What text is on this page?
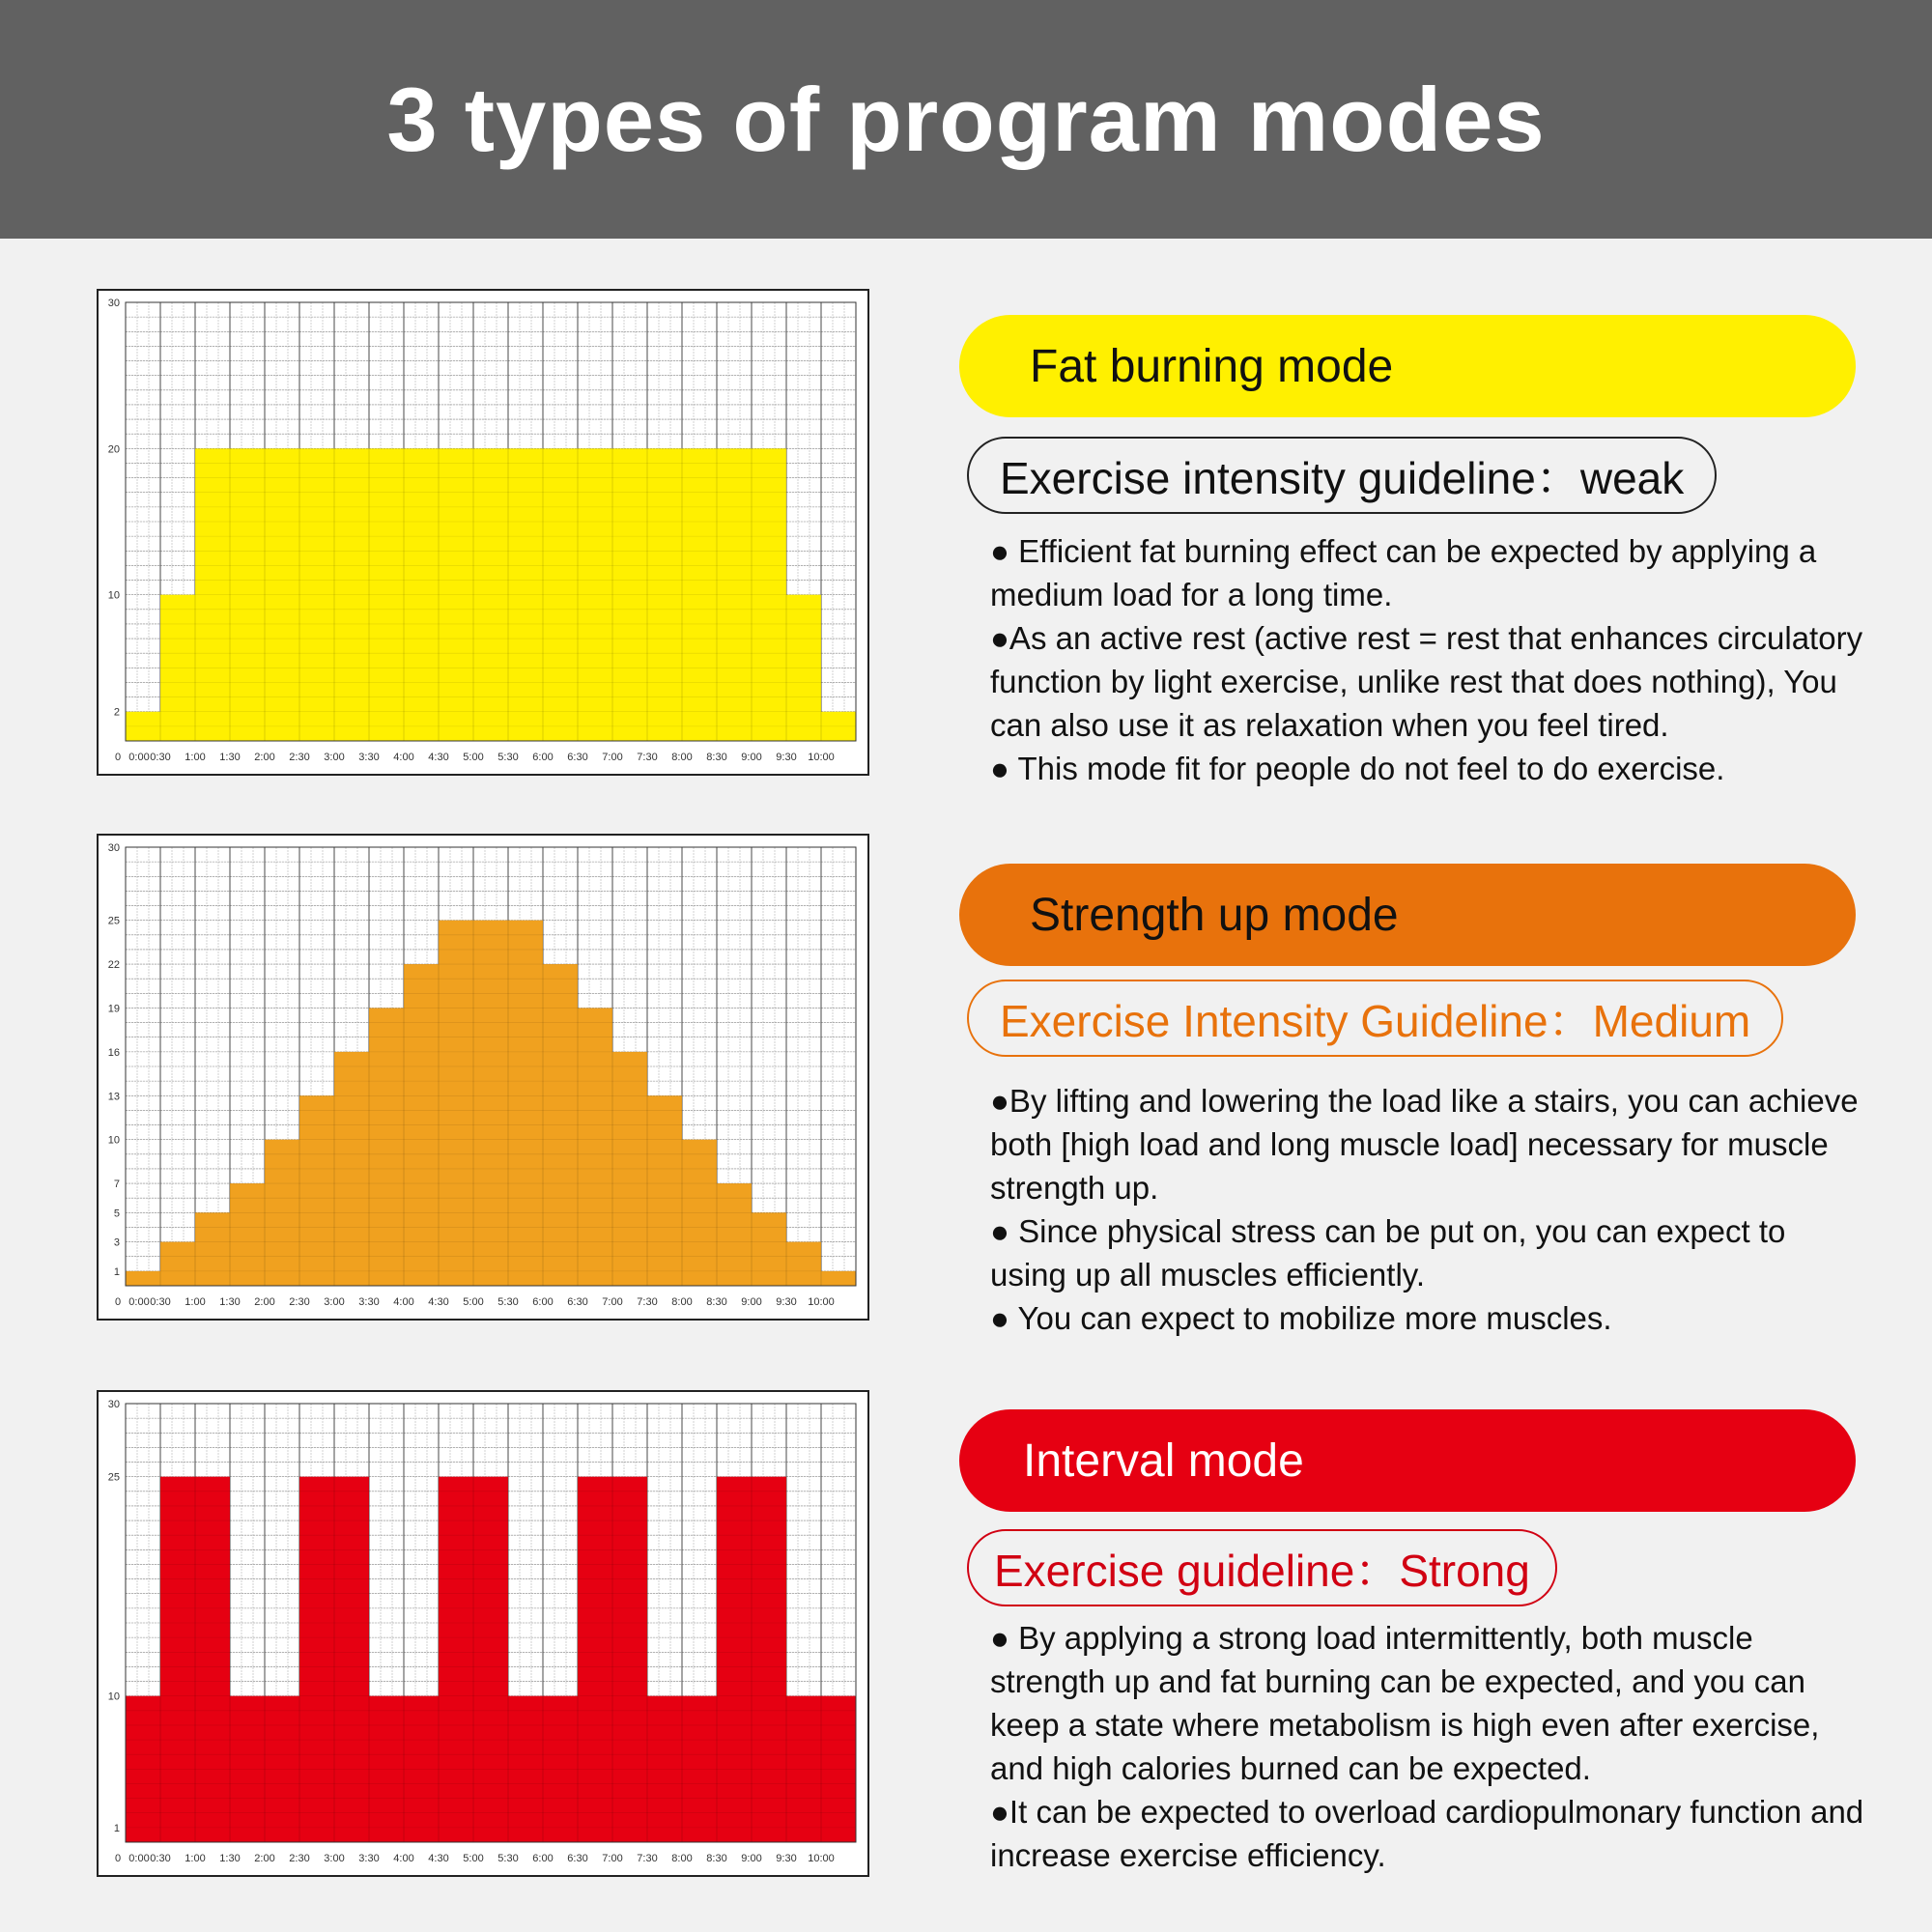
3 types of program modes
2
10
20
30
0 0:00 0:30 1:00 1:30 2:00 2:30 3:00 3:30 4:00 4:30 5:00 5:30 6:00 6:30 7:00 7:30 8:00 8:30 9:00 9:30 10:00
1
3
5
7
10
13
16
19
22
25
30
0 0:00 0:30 1:00 1:30 2:00 2:30 3:00 3:30 4:00 4:30 5:00 5:30 6:00 6:30 7:00 7:30 8:00 8:30 9:00 9:30 10:00
1
10
25
30
0 0:00 0:30 1:00 1:30 2:00 2:30 3:00 3:30 4:00 4:30 5:00 5:30 6:00 6:30 7:00 7:30 8:00 8:30 9:00 9:30 10:00
Fat burning mode
Exercise intensity guideline：weak

● Efficient fat burning effect can be expected by applying a medium load for a long time.

●As an active rest (active rest = rest that enhances circulatory function by light exercise, unlike rest that does nothing), You can also use it as relaxation when you feel tired.

● This mode fit for people do not feel to do exercise.

Strength up mode
Exercise Intensity Guideline：Medium

●By lifting and lowering the load like a stairs, you can achieve both [high load and long muscle load] necessary for muscle strength up.

● Since physical stress can be put on, you can expect to using up all muscles efficiently.

● You can expect to mobilize more muscles.

Interval mode
Exercise guideline：Strong

● By applying a strong load intermittently, both muscle strength up and fat burning can be expected, and you can keep a state where metabolism is high even after exercise, and high calories burned can be expected.

●It can be expected to overload cardiopulmonary function and increase exercise efficiency.
